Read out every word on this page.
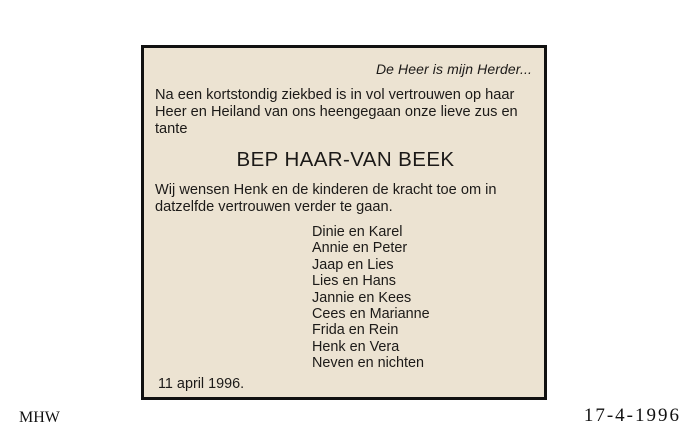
De Heer is mijn Herder...
Na een kortstondig ziekbed is in vol vertrouwen op haar Heer en Heiland van ons heengegaan onze lieve zus en tante
BEP HAAR-VAN BEEK
Wij wensen Henk en de kinderen de kracht toe om in datzelfde vertrouwen verder te gaan.
Dinie en Karel
Annie en Peter
Jaap en Lies
Lies en Hans
Jannie en Kees
Cees en Marianne
Frida en Rein
Henk en Vera
Neven en nichten
11 april 1996.
MHW	17-4-1996
